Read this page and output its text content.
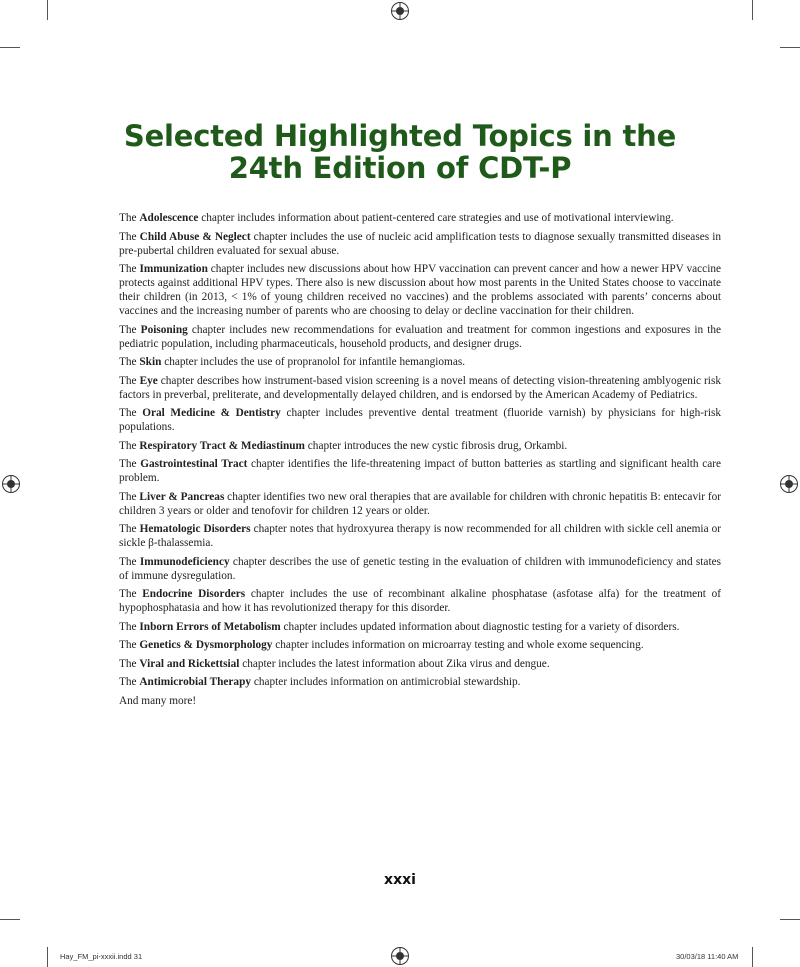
Selected Highlighted Topics in the
24th Edition of CDT-P

The Adolescence chapter includes information about patient-centered care strategies and use of motivational interviewing.

The Child Abuse & Neglect chapter includes the use of nucleic acid amplification tests to diagnose sexually transmitted diseases in pre-pubertal children evaluated for sexual abuse.

The Immunization chapter includes new discussions about how HPV vaccination can prevent cancer and how a newer HPV vaccine protects against additional HPV types. There also is new discussion about how most parents in the United States choose to vaccinate their children (in 2013, < 1% of young children received no vaccines) and the problems associated with parents’ concerns about vaccines and the increasing number of parents who are choosing to delay or decline vaccination for their children.

The Poisoning chapter includes new recommendations for evaluation and treatment for common ingestions and exposures in the pediatric population, including pharmaceuticals, household products, and designer drugs.

The Skin chapter includes the use of propranolol for infantile hemangiomas.

The Eye chapter describes how instrument-based vision screening is a novel means of detecting vision-threatening amblyogenic risk factors in preverbal, preliterate, and developmentally delayed children, and is endorsed by the American Academy of Pediatrics.

The Oral Medicine & Dentistry chapter includes preventive dental treatment (fluoride varnish) by physicians for high-risk populations.

The Respiratory Tract & Mediastinum chapter introduces the new cystic fibrosis drug, Orkambi.

The Gastrointestinal Tract chapter identifies the life-threatening impact of button batteries as startling and significant health care problem.

The Liver & Pancreas chapter identifies two new oral therapies that are available for children with chronic hepatitis B: entecavir for children 3 years or older and tenofovir for children 12 years or older.

The Hematologic Disorders chapter notes that hydroxyurea therapy is now recommended for all children with sickle cell anemia or sickle β-thalassemia.

The Immunodeficiency chapter describes the use of genetic testing in the evaluation of children with immunodeficiency and states of immune dysregulation.

The Endocrine Disorders chapter includes the use of recombinant alkaline phosphatase (asfotase alfa) for the treatment of hypophosphatasia and how it has revolutionized therapy for this disorder.

The Inborn Errors of Metabolism chapter includes updated information about diagnostic testing for a variety of disorders.

The Genetics & Dysmorphology chapter includes information on microarray testing and whole exome sequencing.

The Viral and Rickettsial chapter includes the latest information about Zika virus and dengue.

The Antimicrobial Therapy chapter includes information on antimicrobial stewardship.

And many more!

xxxi
Hay_FM_pi-xxxii.indd 31	30/03/18 11:40 AM
